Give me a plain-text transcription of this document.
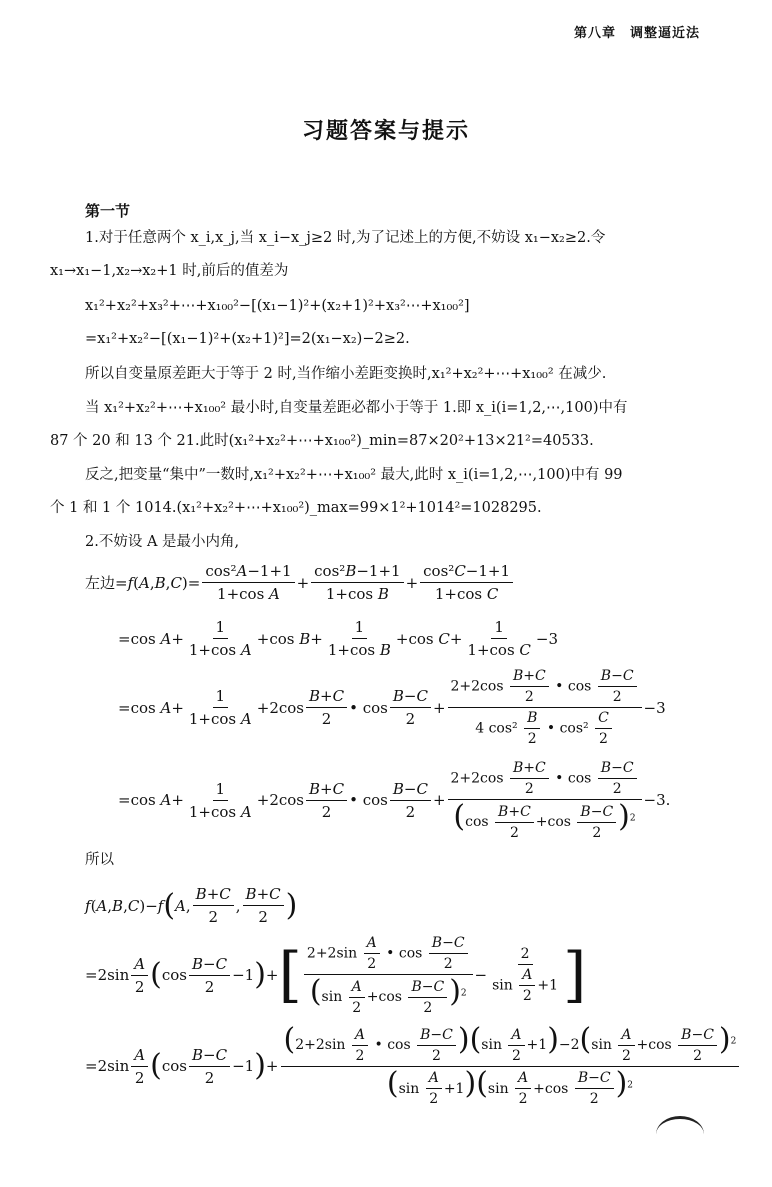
第八章　调整逼近法
习题答案与提示
第一节
1.对于任意两个 x_i,x_j,当 x_i−x_j≥2 时,为了记述上的方便,不妨设 x₁−x₂≥2.令
x₁→x₁−1,x₂→x₂+1 时,前后的值差为
x₁²+x₂²+x₃²+⋯+x₁₀₀²−[(x₁−1)²+(x₂+1)²+x₃²⋯+x₁₀₀²]
=x₁²+x₂²−[(x₁−1)²+(x₂+1)²]=2(x₁−x₂)−2≥2.
所以自变量原差距大于等于 2 时,当作缩小差距变换时,x₁²+x₂²+⋯+x₁₀₀² 在减少.
当 x₁²+x₂²+⋯+x₁₀₀² 最小时,自变量差距必都小于等于 1.即 x_i(i=1,2,⋯,100)中有
87 个 20 和 13 个 21.此时(x₁²+x₂²+⋯+x₁₀₀²)_min=87×20²+13×21²=40533.
反之,把变量“集中”一数时,x₁²+x₂²+⋯+x₁₀₀² 最大,此时 x_i(i=1,2,⋯,100)中有 99
个 1 和 1 个 1014.(x₁²+x₂²+⋯+x₁₀₀²)_max=99×1²+1014²=1028295.
2.不妨设 A 是最小内角,
左边$=f(A,B,C)= \frac{\text{cos²A−1+1}}{\text{1+cos A}} + \frac{\text{cos²B−1+1}}{\text{1+cos B}} + \frac{\text{cos²C−1+1}}{\text{1+cos C}}$
=cos $A+ \frac{1}{\text{1+cos A}} +\cos$ $B+ \frac{1}{\text{1+cos B}} +\cos$ $C+ \frac{1}{\text{1+cos C}} -3$
=cos $A+ \frac{1}{\text{1+cos A}} +2\cos \frac{B+C}{2}$ • $\cos \frac{B-C}{2} + \frac{2+2\cos \frac{B+C}{2} • \cos \frac{B-C}{2}}{4 \cos^2 \frac{B}{2} • \cos^2 \frac{C}{2}} -3$
=cos $A+ \frac{1}{\text{1+cos A}} +2\cos \frac{B+C}{2}$ • $\cos \frac{B-C}{2} + \frac{2+2\cos \frac{B+C}{2} • \cos \frac{B-C}{2}}{(\cos \frac{B+C}{2} +\cos \frac{B-C}{2} )^2} -3$.
所以
f(A,B,C)−f ( A , $\frac{B+C}{2}$ , $\frac{B+C}{2}$ )
$=2\sin \frac{A}{2}$ ( $\cos \frac{B-C}{2} -1$ ) + [ $\frac{2+2\sin \frac{A}{2} • \cos \frac{B-C}{2}}{(\sin \frac{A}{2} +\cos \frac{B-C}{2} )^2} - \frac{2}{\sin \frac{A}{2} +1}$ ]
$=2\sin \frac{A}{2}$ ( $\cos \frac{B-C}{2} -1$ ) + $\frac{(2+2\sin \frac{A}{2} • \cos \frac{B-C}{2} )(\sin \frac{A}{2} +1)-2(\sin \frac{A}{2} +\cos \frac{B-C}{2} )^2}{(\sin \frac{A}{2} +1)(\sin \frac{A}{2} +\cos \frac{B-C}{2} )^2}$
